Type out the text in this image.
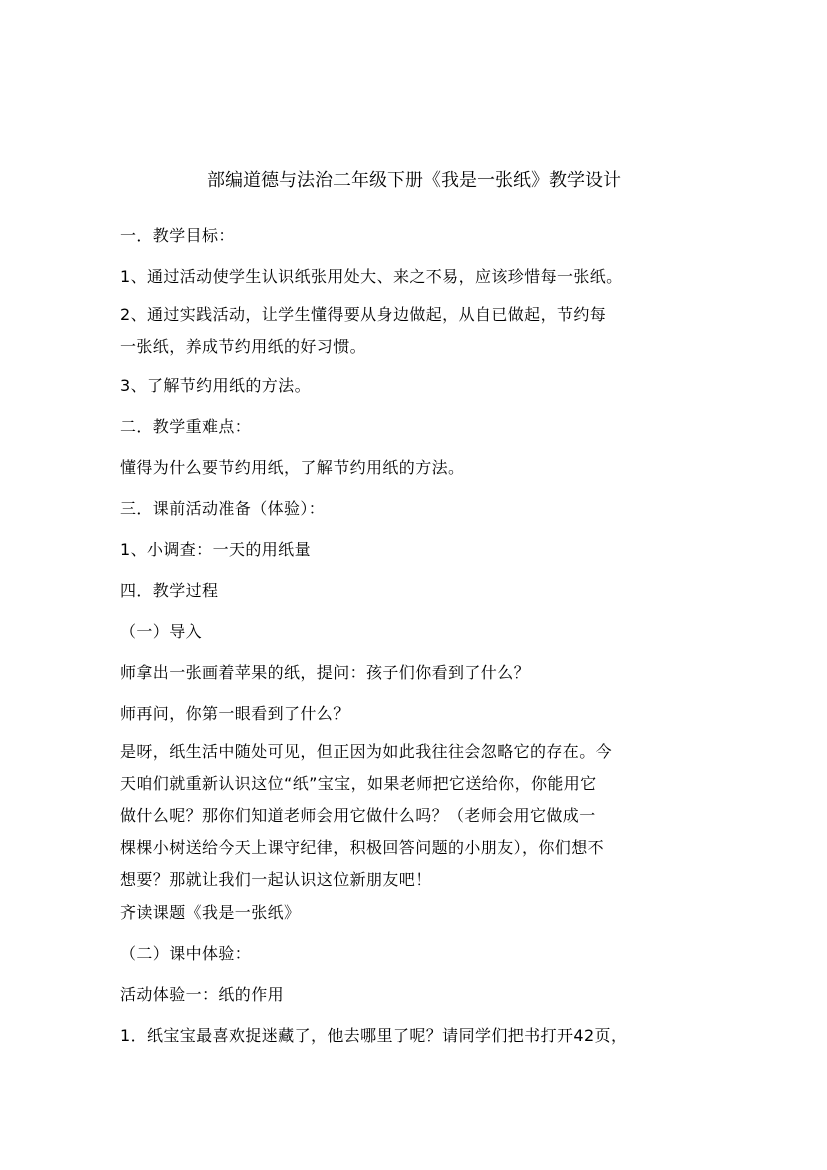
部编道德与法治二年级下册《我是一张纸》教学设计
一．教学目标：
1、通过活动使学生认识纸张用处大、来之不易，应该珍惜每一张纸。
2、通过实践活动，让学生懂得要从身边做起，从自已做起，节约每
一张纸，养成节约用纸的好习惯。
3、了解节约用纸的方法。
二．教学重难点：
懂得为什么要节约用纸，了解节约用纸的方法。
三．课前活动准备（体验）：
1、小调查：一天的用纸量
四．教学过程
（一）导入
师拿出一张画着苹果的纸，提问：孩子们你看到了什么？
师再问，你第一眼看到了什么？
是呀，纸生活中随处可见，但正因为如此我往往会忽略它的存在。今
天咱们就重新认识这位“纸”宝宝，如果老师把它送给你，你能用它
做什么呢？那你们知道老师会用它做什么吗？（老师会用它做成一
棵棵小树送给今天上课守纪律，积极回答问题的小朋友），你们想不
想要？那就让我们一起认识这位新朋友吧！
齐读课题《我是一张纸》
（二）课中体验：
活动体验一：纸的作用
1．纸宝宝最喜欢捉迷藏了，他去哪里了呢？请同学们把书打开42页，
